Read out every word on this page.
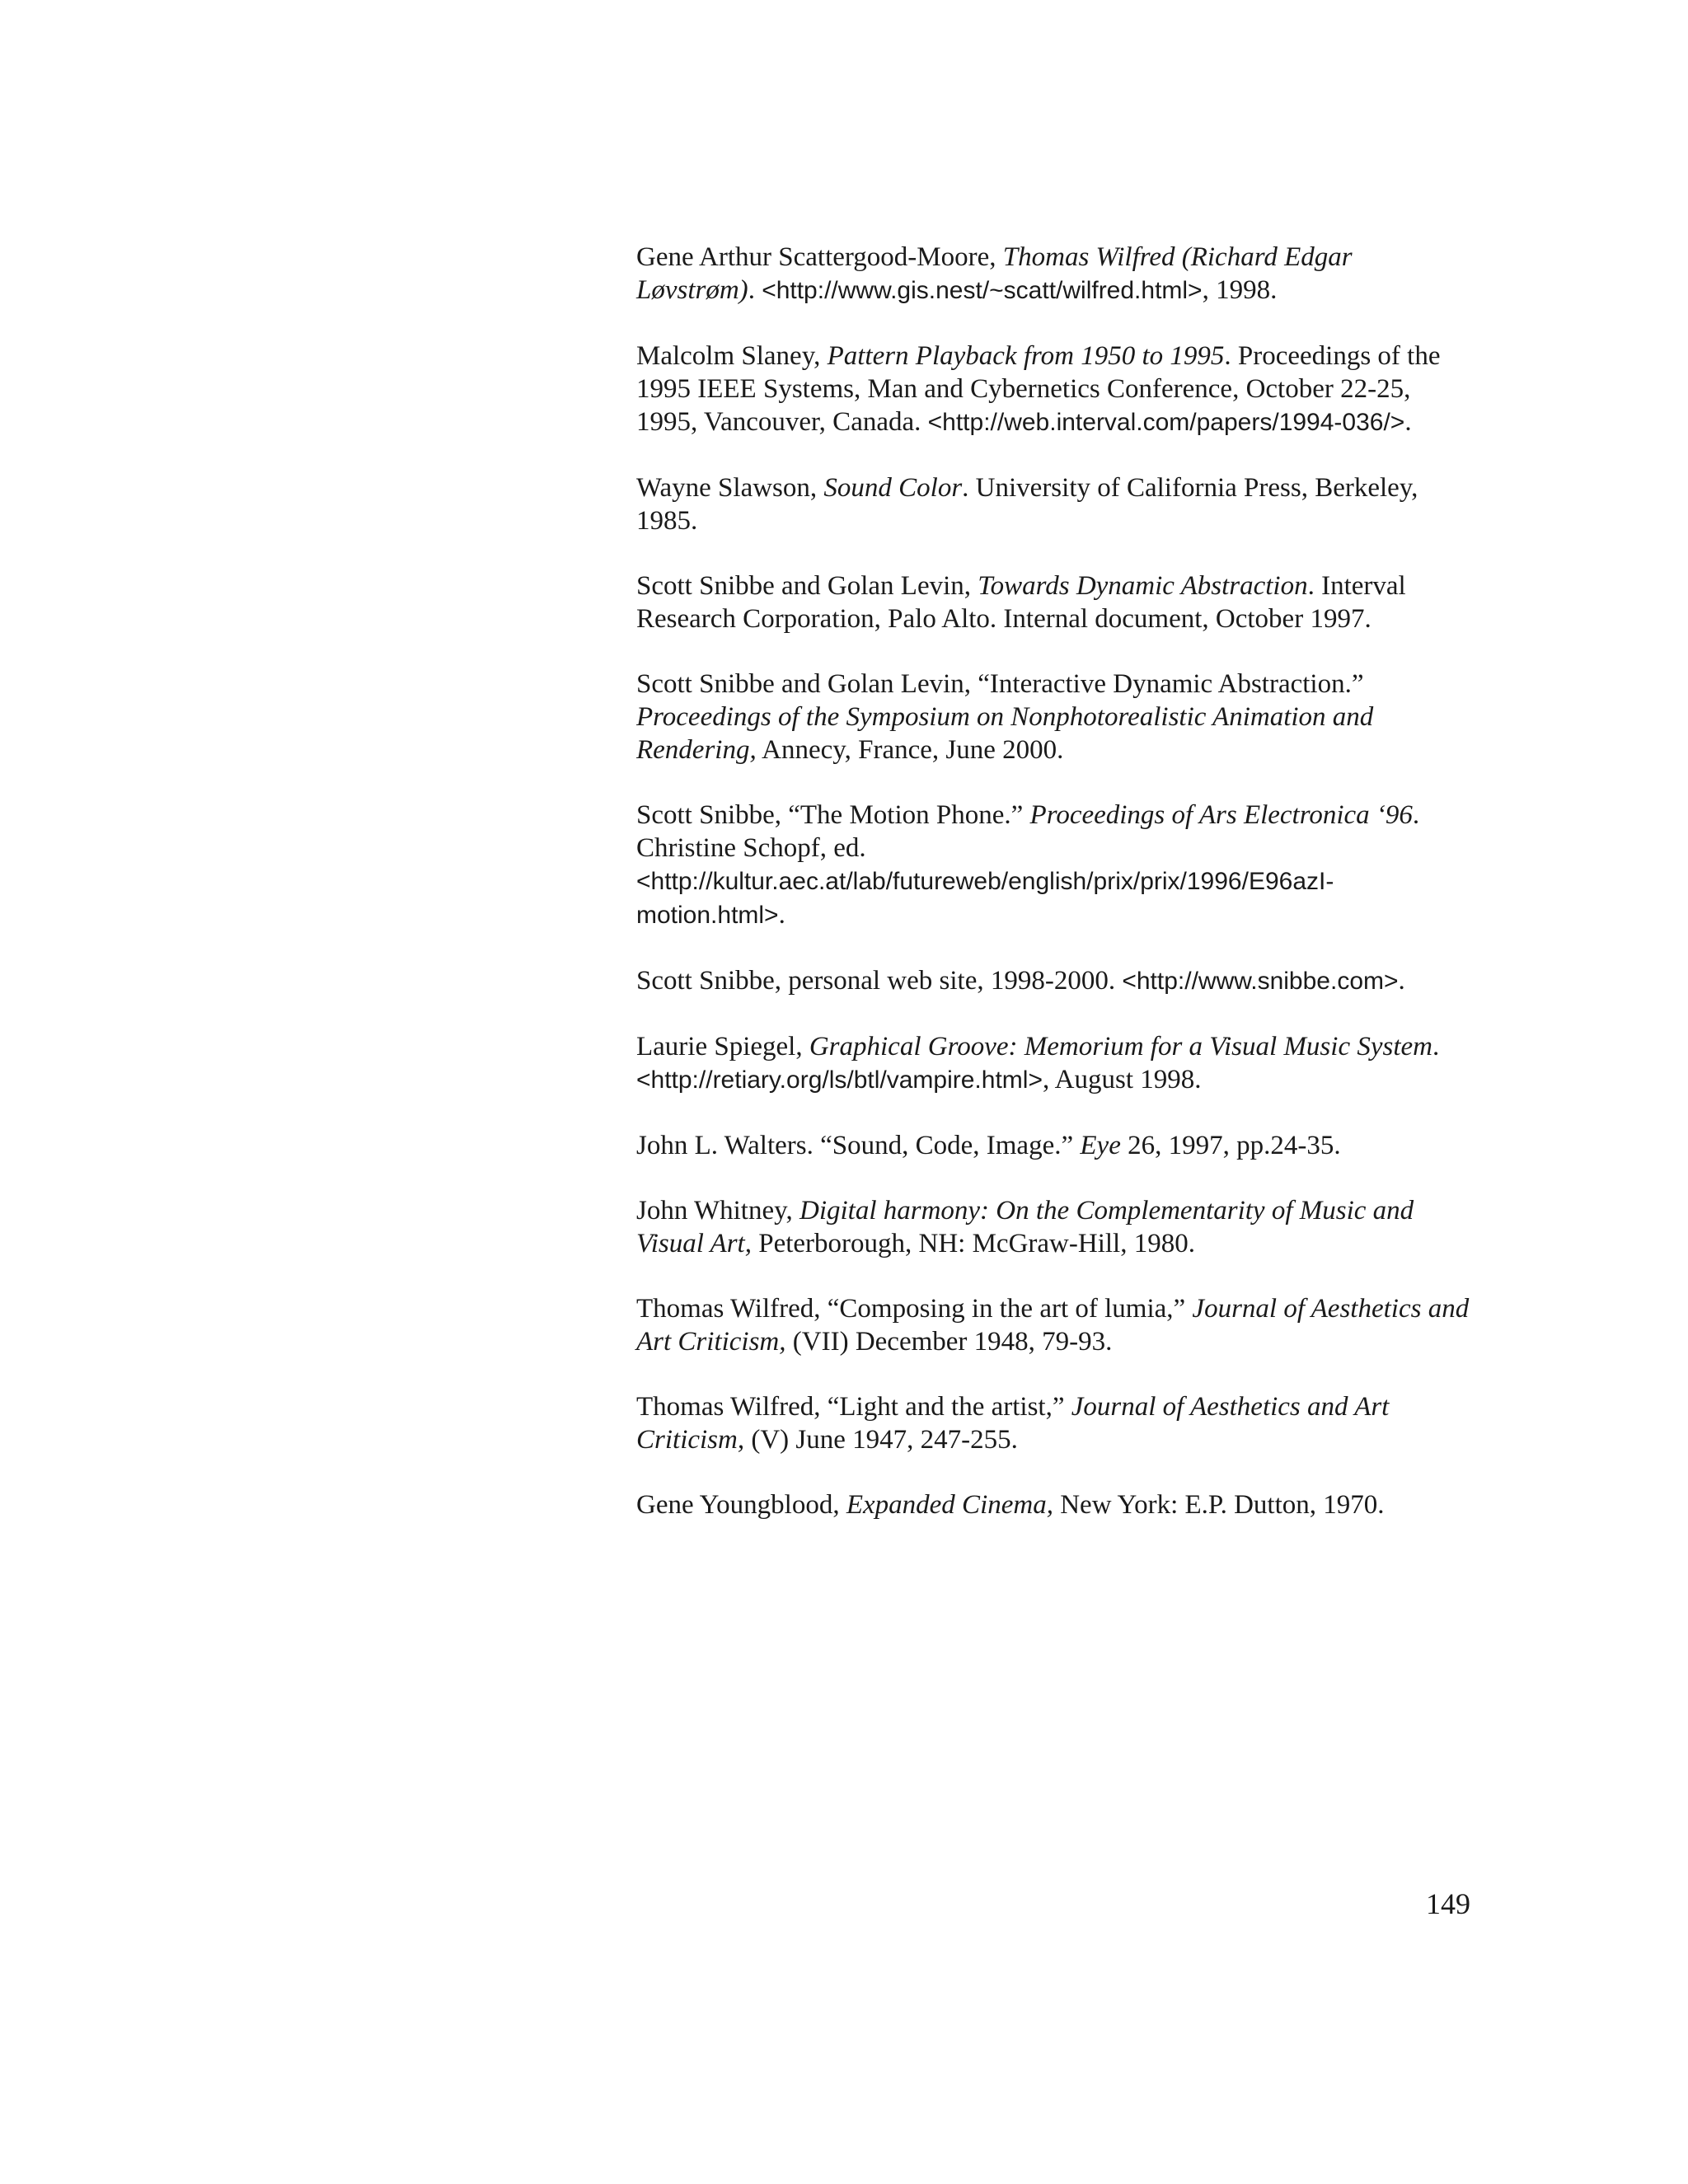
Gene Arthur Scattergood-Moore, Thomas Wilfred (Richard Edgar Løvstrøm). <http://www.gis.nest/~scatt/wilfred.html>, 1998.

Malcolm Slaney, Pattern Playback from 1950 to 1995. Proceedings of the 1995 IEEE Systems, Man and Cybernetics Conference, October 22-25, 1995, Vancouver, Canada. <http://web.interval.com/papers/1994-036/>.

Wayne Slawson, Sound Color. University of California Press, Berkeley, 1985.

Scott Snibbe and Golan Levin, Towards Dynamic Abstraction. Interval Research Corporation, Palo Alto. Internal document, October 1997.

Scott Snibbe and Golan Levin, “Interactive Dynamic Abstraction.” Proceedings of the Symposium on Nonphotorealistic Animation and Rendering, Annecy, France, June 2000.

Scott Snibbe, “The Motion Phone.” Proceedings of Ars Electronica ‘96. Christine Schopf, ed. <http://kultur.aec.at/lab/futureweb/english/prix/prix/1996/E96azI-motion.html>.

Scott Snibbe, personal web site, 1998-2000. <http://www.snibbe.com>.

Laurie Spiegel, Graphical Groove: Memorium for a Visual Music System. <http://retiary.org/ls/btl/vampire.html>, August 1998.

John L. Walters. “Sound, Code, Image.” Eye 26, 1997, pp.24-35.

John Whitney, Digital harmony: On the Complementarity of Music and Visual Art, Peterborough, NH: McGraw-Hill, 1980.

Thomas Wilfred, “Composing in the art of lumia,” Journal of Aesthetics and Art Criticism, (VII) December 1948, 79-93.

Thomas Wilfred, “Light and the artist,” Journal of Aesthetics and Art Criticism, (V) June 1947, 247-255.

Gene Youngblood, Expanded Cinema, New York: E.P. Dutton, 1970.

149
